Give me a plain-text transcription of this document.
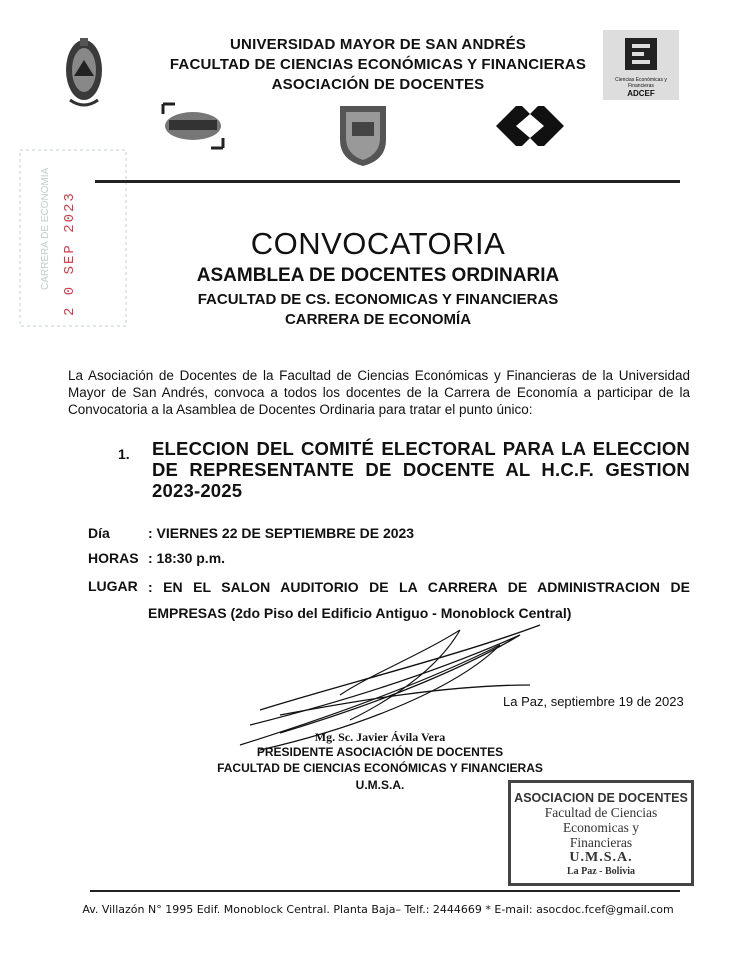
UNIVERSIDAD MAYOR DE SAN ANDRÉS
FACULTAD DE CIENCIAS ECONÓMICAS Y FINANCIERAS
ASOCIACIÓN DE DOCENTES	Ciencias Económicas y Financieras
ADCEF
CARRERA DE ECONOMIA 2 0 SEP 2023	CONVOCATORIA
ASAMBLEA DE DOCENTES ORDINARIA
FACULTAD DE CS. ECONOMICAS Y FINANCIERAS
CARRERA DE ECONOMÍA
La Asociación de Docentes de la Facultad de Ciencias Económicas y Financieras de la Universidad Mayor de San Andrés, convoca a todos los docentes de la Carrera de Economía a participar de la Convocatoria a la Asamblea de Docentes Ordinaria para tratar el punto único:
1. ELECCION DEL COMITÉ ELECTORAL PARA LA ELECCION DE REPRESENTANTE DE DOCENTE AL H.C.F. GESTION 2023-2025
Día	: VIERNES 22 DE SEPTIEMBRE DE 2023
HORAS : 18:30 p.m.
LUGAR : EN EL SALON AUDITORIO DE LA CARRERA DE ADMINISTRACION DE EMPRESAS (2do Piso del Edificio Antiguo - Monoblock Central)
La Paz, septiembre 19 de 2023
Mg. Sc. Javier Ávila Vera
PRESIDENTE ASOCIACIÓN DE DOCENTES
FACULTAD DE CIENCIAS ECONÓMICAS Y FINANCIERAS
U.M.S.A.
ASOCIACION DE DOCENTES
Facultad de Ciencias
Economicas y
Financieras
U.M.S.A.
La Paz - Bolivia
Av. Villazón N° 1995 Edif. Monoblock Central. Planta Baja– Telf.: 2444669 * E-mail: asocdoc.fcef@gmail.com
